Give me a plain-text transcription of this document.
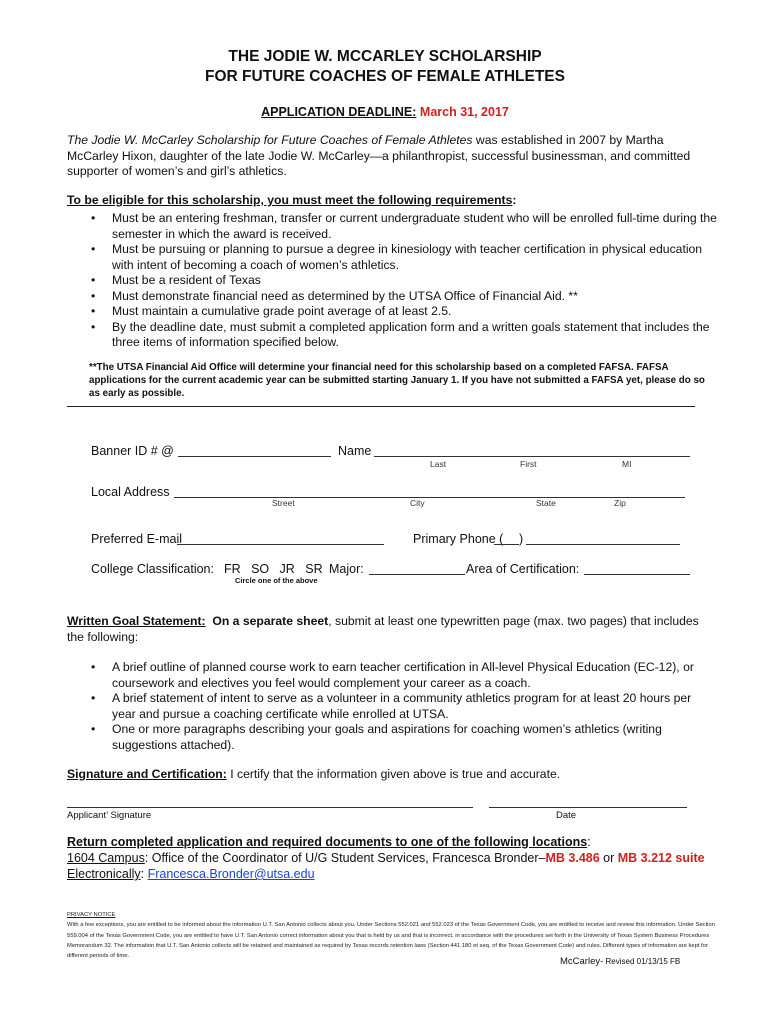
THE JODIE W. MCCARLEY SCHOLARSHIP
FOR FUTURE COACHES OF FEMALE ATHLETES
APPLICATION DEADLINE: March 31, 2017
The Jodie W. McCarley Scholarship for Future Coaches of Female Athletes was established in 2007 by Martha McCarley Hixon, daughter of the late Jodie W. McCarley—a philanthropist, successful businessman, and committed supporter of women’s and girl’s athletics.
To be eligible for this scholarship, you must meet the following requirements:
• Must be an entering freshman, transfer or current undergraduate student who will be enrolled full-time during the semester in which the award is received.
• Must be pursuing or planning to pursue a degree in kinesiology with teacher certification in physical education with intent of becoming a coach of women’s athletics.
• Must be a resident of Texas
• Must demonstrate financial need as determined by the UTSA Office of Financial Aid. **
• Must maintain a cumulative grade point average of at least 2.5.
• By the deadline date, must submit a completed application form and a written goals statement that includes the three items of information specified below.
**The UTSA Financial Aid Office will determine your financial need for this scholarship based on a completed FAFSA. FAFSA applications for the current academic year can be submitted starting January 1. If you have not submitted a FAFSA yet, please do so as early as possible.
Banner ID # @	Name
Last	First	MI
Local Address
Street	City	State	Zip
Preferred E-mail	Primary Phone ( )
College Classification: FR   SO   JR   SR
Circle one of the above
Major:	Area of Certification:
Written Goal Statement: On a separate sheet, submit at least one typewritten page (max. two pages) that includes the following:
• A brief outline of planned course work to earn teacher certification in All-level Physical Education (EC-12), or coursework and electives you feel would complement your career as a coach.
• A brief statement of intent to serve as a volunteer in a community athletics program for at least 20 hours per year and pursue a coaching certificate while enrolled at UTSA.
• One or more paragraphs describing your goals and aspirations for coaching women’s athletics (writing suggestions attached).
Signature and Certification: I certify that the information given above is true and accurate.
Applicant’ Signature	Date
Return completed application and required documents to one of the following locations:
1604 Campus: Office of the Coordinator of U/G Student Services, Francesca Bronder–MB 3.486 or MB 3.212 suite
Electronically: Francesca.Bronder@utsa.edu
PRIVACY NOTICE
With a few exceptions, you are entitled to be informed about the information U.T. San Antonio collects about you. Under Sections 552.021 and 552.023 of the Texas Government Code, you are entitled to receive and review this information. Under Section 559.004 of the Texas Government Code, you are entitled to have U.T. San Antonio correct information about you that is held by us and that is incorrect, in accordance with the procedures set forth in the University of Texas System Business Procedures Memorandum 32. The information that U.T. San Antonio collects will be retained and maintained as required by Texas records retention laws (Section 441.180 et seq. of the Texas Government Code) and rules. Different types of information are kept for different periods of time.	McCarley- Revised 01/13/15 FB
